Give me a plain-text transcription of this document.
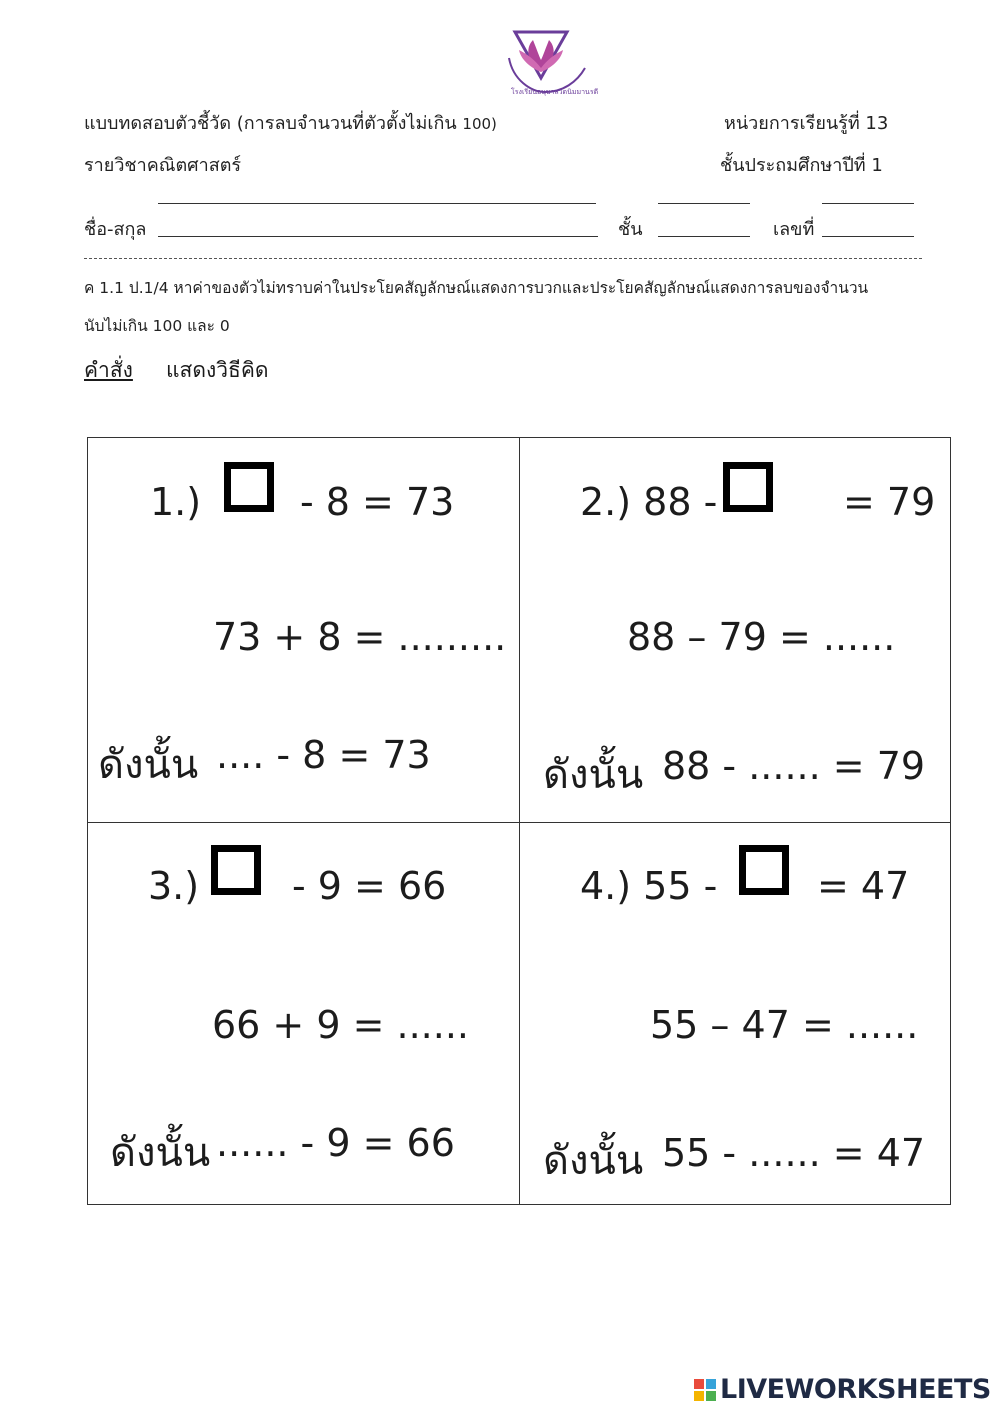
โรงเรียนอนุบาลวัดนิมมานรดี
แบบทดสอบตัวชี้วัด (การลบจำนวนที่ตัวตั้งไม่เกิน 100)	หน่วยการเรียนรู้ที่ 13
รายวิชาคณิตศาสตร์	ชั้นประถมศึกษาปีที่ 1
ชื่อ-สกุล	ชั้น	เลขที่
ค 1.1 ป.1/4 หาค่าของตัวไม่ทราบค่าในประโยคสัญลักษณ์แสดงการบวกและประโยคสัญลักษณ์แสดงการลบของจำนวน
นับไม่เกิน 100 และ 0
คำสั่ง แสดงวิธีคิด
1.)	- 8 = 73
73 + 8 = .........
ดังนั้น .... - 8 = 73
2.) 88 -	= 79
88 – 79 = ......
ดังนั้น 88 - ...... = 79
3.) - 9 = 66
66 + 9 = ......
ดังนั้น ...... - 9 = 66
4.) 55 -	= 47
55 – 47 = ......
ดังนั้น 55 - ...... = 47
LIVEWORKSHEETS
